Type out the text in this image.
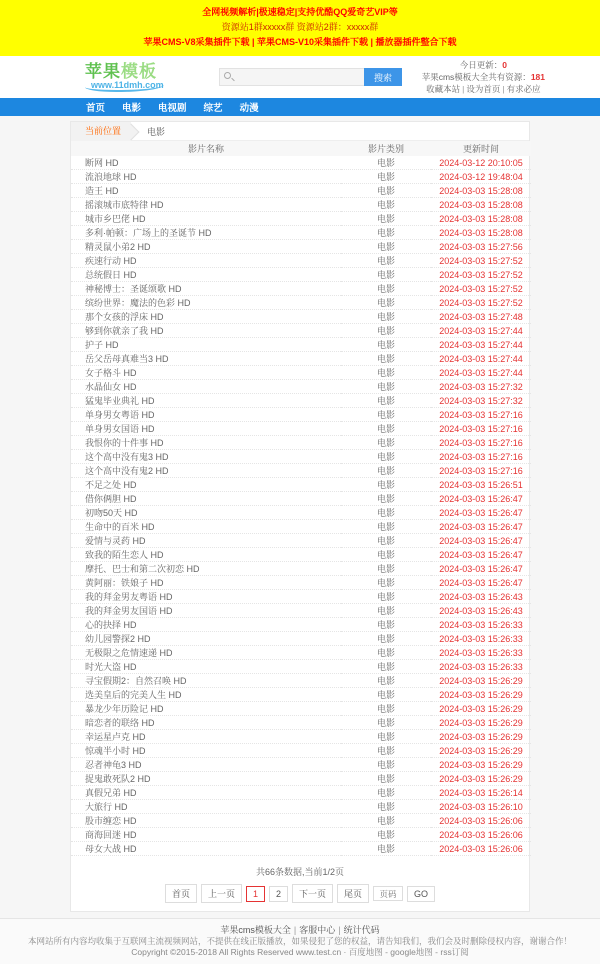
全网视频解析|极速稳定|支持优酷QQ爱奇艺VIP等
资源站1群xxxxx群 资源站2群：xxxxx群
苹果CMS-V8采集插件下载 | 苹果CMS-V10采集插件下载 | 播放器插件整合下载
苹果模板
www.11dmh.com
搜索
今日更新：0
苹果cms模板大全共有资源：181
收藏本站 | 设为首页 | 有求必应
首页 电影 电视剧 综艺 动漫
当前位置	电影
影片名称	影片类别	更新时间
断网 HD	电影	2024-03-12 20:10:05
流浪地球 HD	电影	2024-03-12 19:48:04
造王 HD	电影	2024-03-03 15:28:08
摇滚城市底特律 HD	电影	2024-03-03 15:28:08
城市乡巴佬 HD	电影	2024-03-03 15:28:08
多利·帕顿：广场上的圣诞节 HD	电影	2024-03-03 15:28:08
精灵鼠小弟2 HD	电影	2024-03-03 15:27:56
疾速行动 HD	电影	2024-03-03 15:27:52
总统假日 HD	电影	2024-03-03 15:27:52
神秘博士：圣诞颂歌 HD	电影	2024-03-03 15:27:52
缤纷世界：魔法的色彩 HD	电影	2024-03-03 15:27:52
那个女孩的浮床 HD	电影	2024-03-03 15:27:48
够到你就亲了我 HD	电影	2024-03-03 15:27:44
护子 HD	电影	2024-03-03 15:27:44
岳父岳母真难当3 HD	电影	2024-03-03 15:27:44
女子格斗 HD	电影	2024-03-03 15:27:44
水晶仙女 HD	电影	2024-03-03 15:27:32
猛鬼毕业典礼 HD	电影	2024-03-03 15:27:32
单身男女粤语 HD	电影	2024-03-03 15:27:16
单身男女国语 HD	电影	2024-03-03 15:27:16
我恨你的十件事 HD	电影	2024-03-03 15:27:16
这个高中没有鬼3 HD	电影	2024-03-03 15:27:16
这个高中没有鬼2 HD	电影	2024-03-03 15:27:16
不足之处 HD	电影	2024-03-03 15:26:51
借你俩胆 HD	电影	2024-03-03 15:26:47
初吻50天 HD	电影	2024-03-03 15:26:47
生命中的百米 HD	电影	2024-03-03 15:26:47
爱情与灵药 HD	电影	2024-03-03 15:26:47
致我的陌生恋人 HD	电影	2024-03-03 15:26:47
摩托、巴士和第二次初恋 HD	电影	2024-03-03 15:26:47
黄阿丽：铁娘子 HD	电影	2024-03-03 15:26:47
我的拜金男友粤语 HD	电影	2024-03-03 15:26:43
我的拜金男友国语 HD	电影	2024-03-03 15:26:43
心的抉择 HD	电影	2024-03-03 15:26:33
幼儿园警探2 HD	电影	2024-03-03 15:26:33
无极限之危情速递 HD	电影	2024-03-03 15:26:33
时光大盗 HD	电影	2024-03-03 15:26:33
寻宝假期2：自然召唤 HD	电影	2024-03-03 15:26:29
选美皇后的完美人生 HD	电影	2024-03-03 15:26:29
暴龙少年历险记 HD	电影	2024-03-03 15:26:29
暗恋者的联络 HD	电影	2024-03-03 15:26:29
幸运星卢克 HD	电影	2024-03-03 15:26:29
惊魂半小时 HD	电影	2024-03-03 15:26:29
忍者神龟3 HD	电影	2024-03-03 15:26:29
捉鬼敢死队2 HD	电影	2024-03-03 15:26:29
真假兄弟 HD	电影	2024-03-03 15:26:14
大旅行 HD	电影	2024-03-03 15:26:10
股市缠恋 HD	电影	2024-03-03 15:26:06
商海回迷 HD	电影	2024-03-03 15:26:06
母女大战 HD	电影	2024-03-03 15:26:06
共66条数据,当前1/2页
首页	上一页	1	2	下一页	尾页
页码	GO
苹果cms模板大全 | 客服中心 | 统计代码
本网站所有内容均收集于互联网主流视频网站，不提供在线正版播放，如果侵犯了您的权益，请告知我们，我们会及时删除侵权内容，谢谢合作！
Copyright ©2015-2018 All Rights Reserved www.test.cn · 百度地图 - google地图 - rss订阅
